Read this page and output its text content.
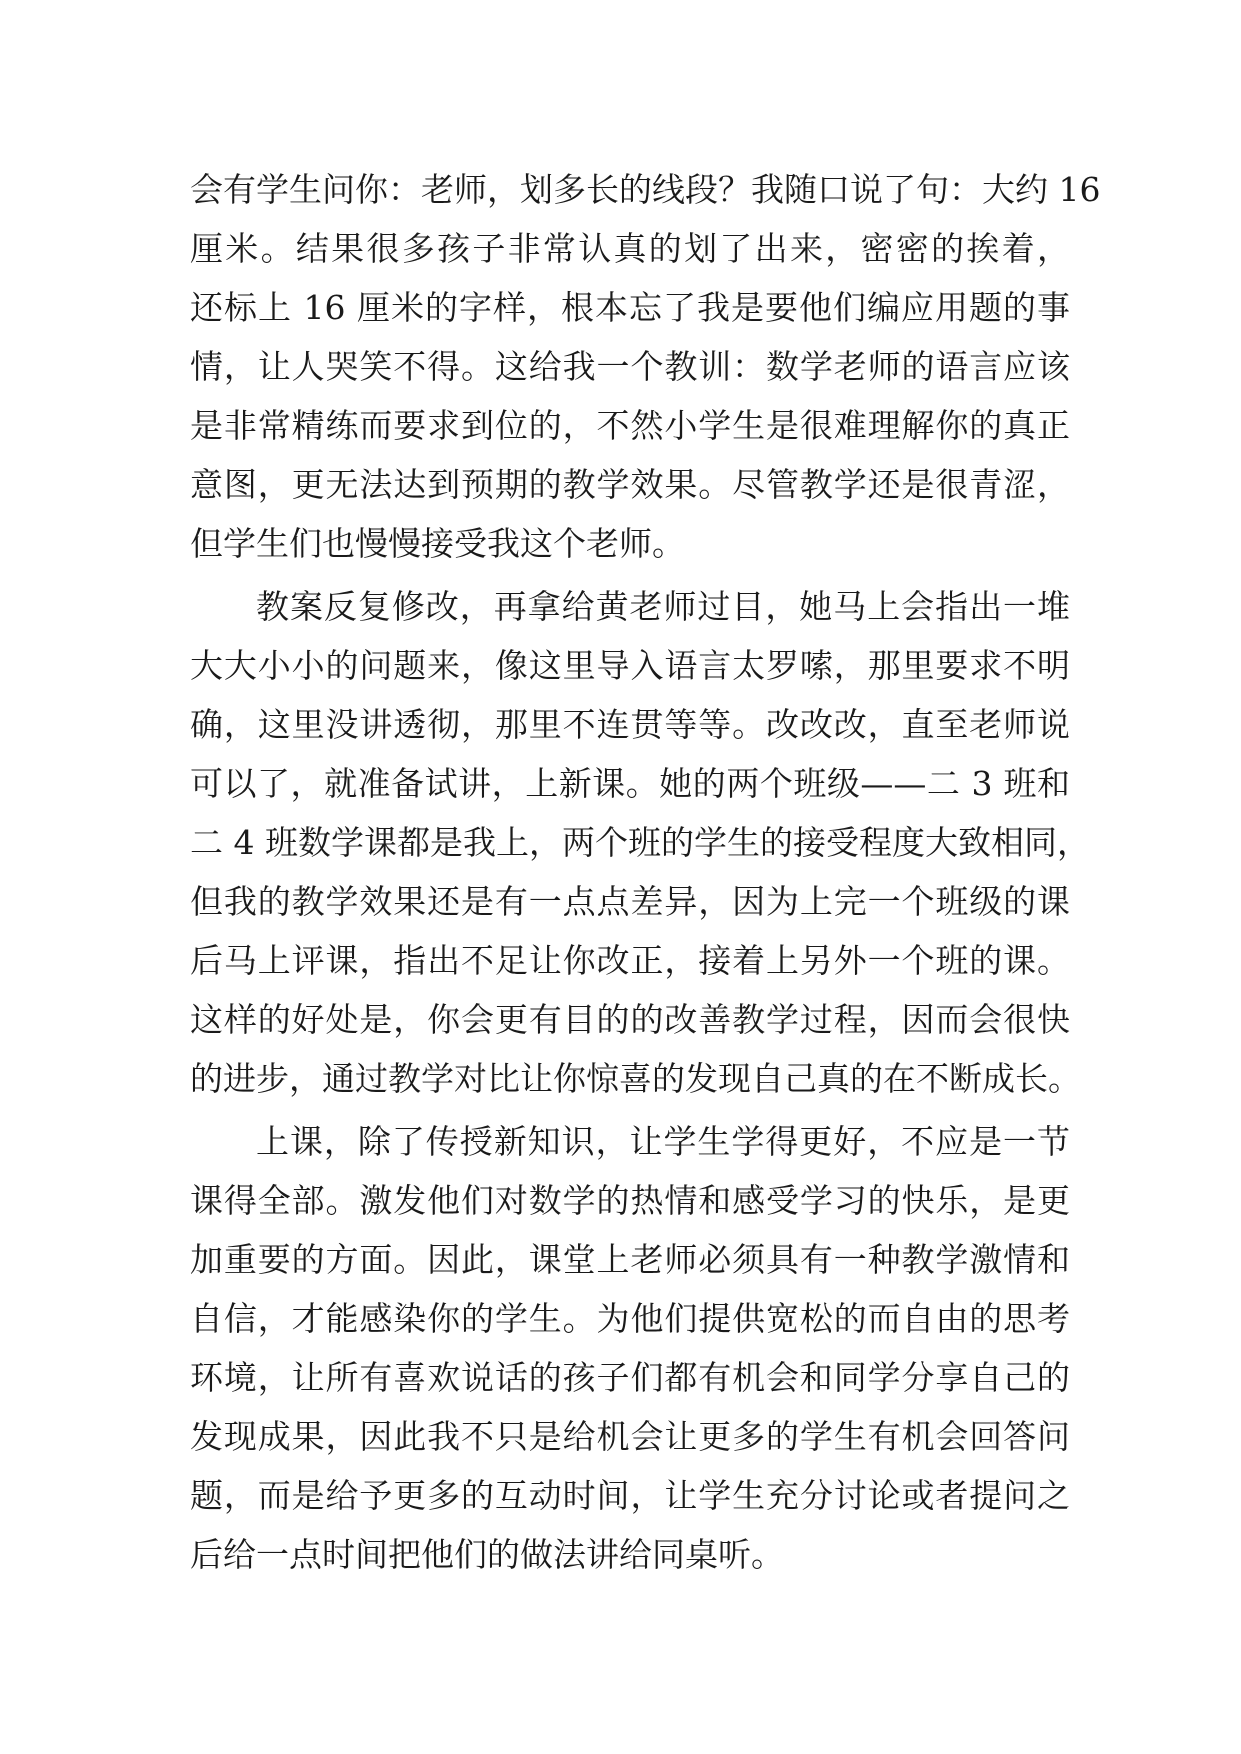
会有学生问你：老师，划多长的线段？我随口说了句：大约 16
厘米。结果很多孩子非常认真的划了出来，密密的挨着，
还标上 16 厘米的字样，根本忘了我是要他们编应用题的事
情，让人哭笑不得。这给我一个教训：数学老师的语言应该
是非常精练而要求到位的，不然小学生是很难理解你的真正
意图，更无法达到预期的教学效果。尽管教学还是很青涩，
但学生们也慢慢接受我这个老师。
教案反复修改，再拿给黄老师过目，她马上会指出一堆
大大小小的问题来，像这里导入语言太罗嗦，那里要求不明
确，这里没讲透彻，那里不连贯等等。改改改，直至老师说
可以了，就准备试讲，上新课。她的两个班级——二 3 班和
二 4 班数学课都是我上，两个班的学生的接受程度大致相同，
但我的教学效果还是有一点点差异，因为上完一个班级的课
后马上评课，指出不足让你改正，接着上另外一个班的课。
这样的好处是，你会更有目的的改善教学过程，因而会很快
的进步，通过教学对比让你惊喜的发现自己真的在不断成长。
上课，除了传授新知识，让学生学得更好，不应是一节
课得全部。激发他们对数学的热情和感受学习的快乐，是更
加重要的方面。因此，课堂上老师必须具有一种教学激情和
自信，才能感染你的学生。为他们提供宽松的而自由的思考
环境，让所有喜欢说话的孩子们都有机会和同学分享自己的
发现成果，因此我不只是给机会让更多的学生有机会回答问
题，而是给予更多的互动时间，让学生充分讨论或者提问之
后给一点时间把他们的做法讲给同桌听。
